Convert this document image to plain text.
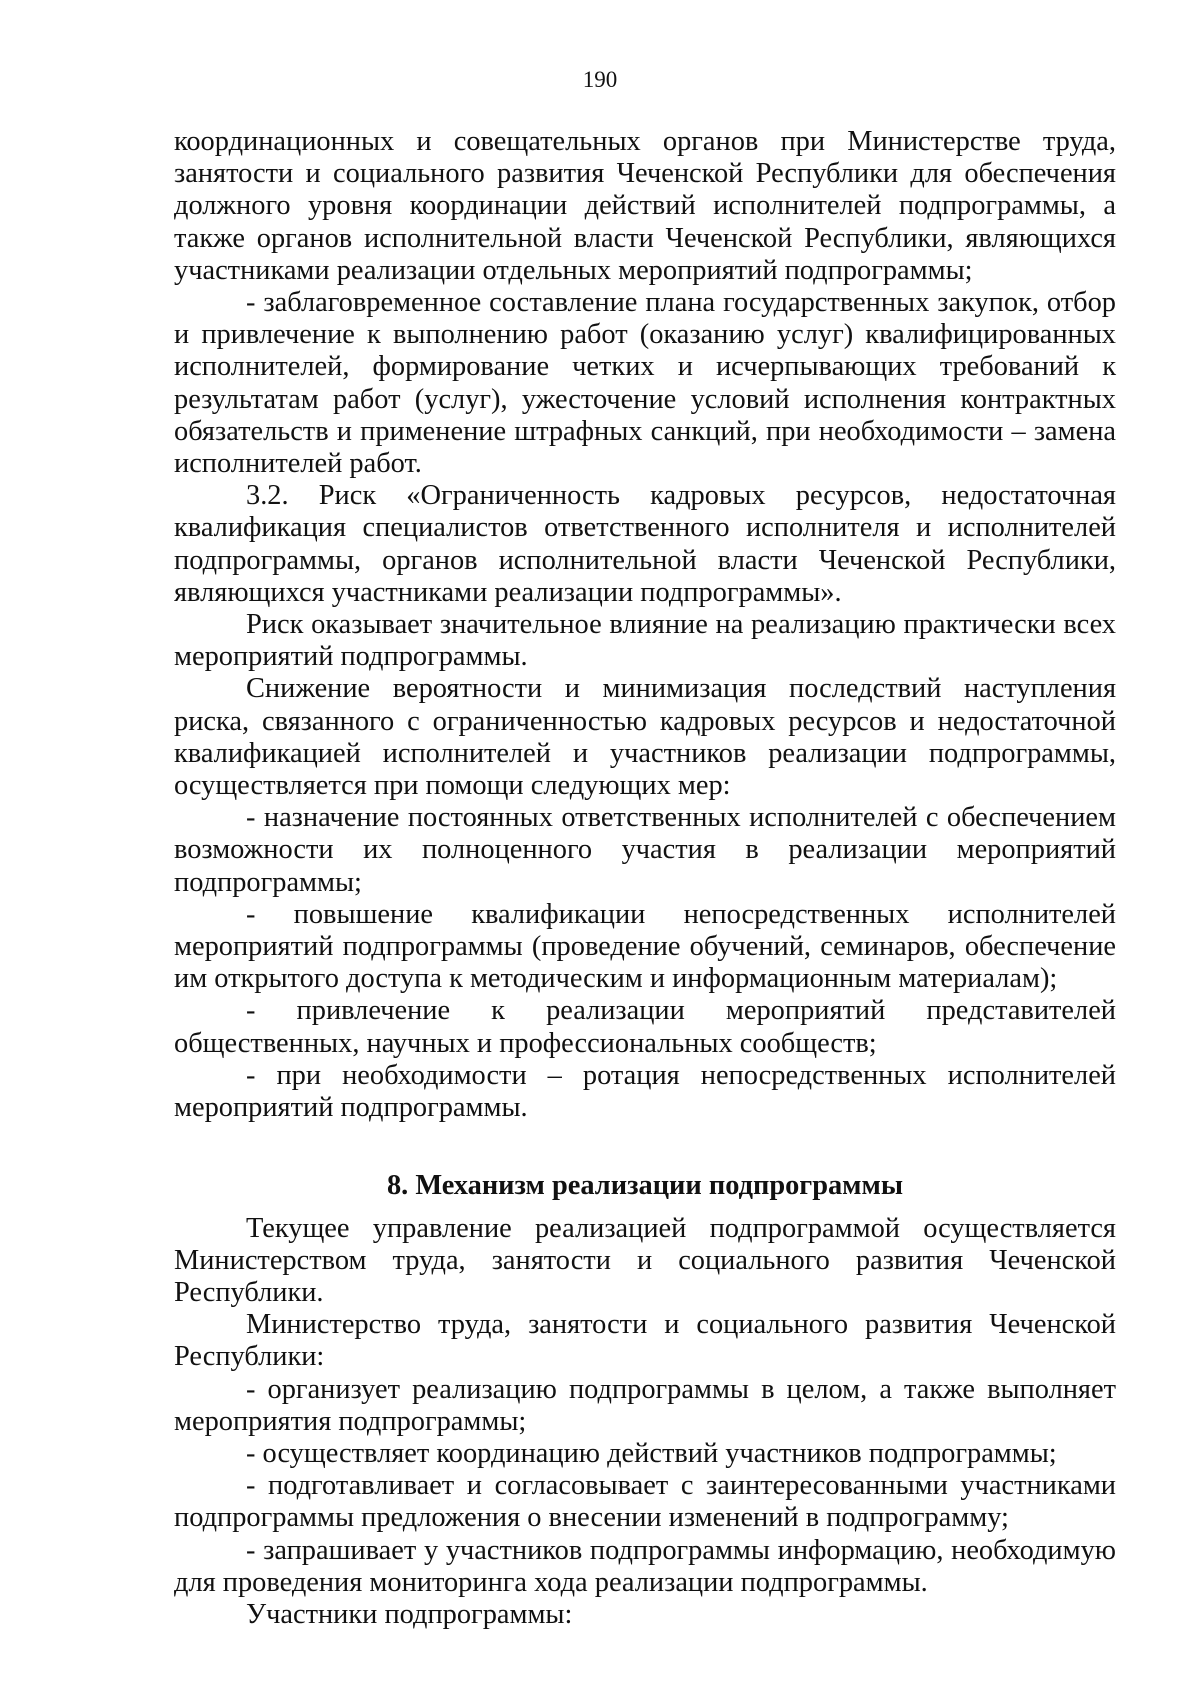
190

координационных и совещательных органов при Министерстве труда, занятости и социального развития Чеченской Республики для обеспечения должного уровня координации действий исполнителей подпрограммы, а также органов исполнительной власти Чеченской Республики, являющихся участниками реализации отдельных мероприятий подпрограммы;

- заблаговременное составление плана государственных закупок, отбор и привлечение к выполнению работ (оказанию услуг) квалифицированных исполнителей, формирование четких и исчерпывающих требований к результатам работ (услуг), ужесточение условий исполнения контрактных обязательств и применение штрафных санкций, при необходимости – замена исполнителей работ.

3.2. Риск «Ограниченность кадровых ресурсов, недостаточная квалификация специалистов ответственного исполнителя и исполнителей подпрограммы, органов исполнительной власти Чеченской Республики, являющихся участниками реализации подпрограммы».

Риск оказывает значительное влияние на реализацию практически всех мероприятий подпрограммы.

Снижение вероятности и минимизация последствий наступления риска, связанного с ограниченностью кадровых ресурсов и недостаточной квалификацией исполнителей и участников реализации подпрограммы, осуществляется при помощи следующих мер:

- назначение постоянных ответственных исполнителей с обеспечением возможности их полноценного участия в реализации мероприятий подпрограммы;

- повышение квалификации непосредственных исполнителей мероприятий подпрограммы (проведение обучений, семинаров, обеспечение им открытого доступа к методическим и информационным материалам);

- привлечение к реализации мероприятий представителей общественных, научных и профессиональных сообществ;

- при необходимости – ротация непосредственных исполнителей мероприятий подпрограммы.

8. Механизм реализации подпрограммы

Текущее управление реализацией подпрограммой осуществляется Министерством труда, занятости и социального развития Чеченской Республики.

Министерство труда, занятости и социального развития Чеченской Республики:

- организует реализацию подпрограммы в целом, а также выполняет мероприятия подпрограммы;

- осуществляет координацию действий участников подпрограммы;

- подготавливает и согласовывает с заинтересованными участниками подпрограммы предложения о внесении изменений в подпрограмму;

- запрашивает у участников подпрограммы информацию, необходимую для проведения мониторинга хода реализации подпрограммы.

Участники подпрограммы:
